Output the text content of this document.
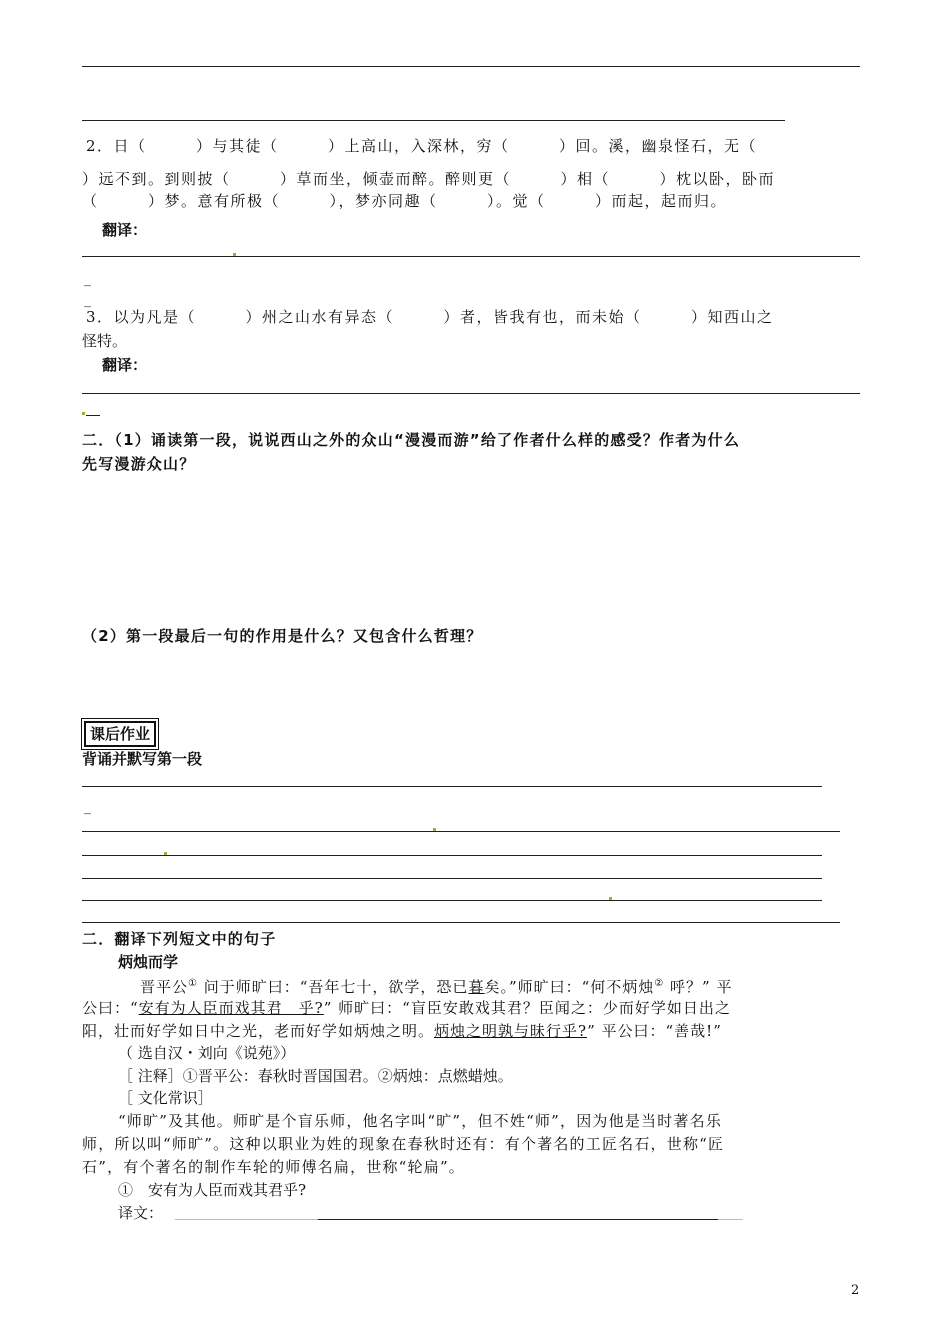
2．日（　　　）与其徒（　　　）上高山，入深林，穷（　　　）回。溪，幽泉怪石，无（
）远不到。到则披（　　　）草而坐，倾壶而醉。醉则更（　　　）相（　　　）枕以卧，卧而
（　　　）梦。意有所极（　　　），梦亦同趣（　　　）。觉（　　　）而起，起而归。
翻译：
_
_
3．以为凡是（　　　）州之山水有异态（　　　）者，皆我有也，而未始（　　　）知西山之
怪特。
翻译：
二．（1）诵读第一段，说说西山之外的众山“漫漫而游”给了作者什么样的感受？作者为什么
先写漫游众山？
（2）第一段最后一句的作用是什么？又包含什么哲理？
课后作业
背诵并默写第一段
_
二．翻译下列短文中的句子
炳烛而学
晋平公① 问于师旷曰：“吾年七十，欲学，恐已暮矣。”师旷曰：“何不炳烛② 呼？” 平
公曰：“安有为人臣而戏其君　乎?” 师旷曰：“盲臣安敢戏其君？臣闻之：少而好学如日出之
阳，壮而好学如日中之光，老而好学如炳烛之明。炳烛之明孰与昧行乎?” 平公曰：“善哉!”
（ 选自汉・刘向《说苑》）
［ 注释］①晋平公：春秋时晋国国君。②炳烛：点燃蜡烛。
［ 文化常识］
“师旷”及其他。师旷是个盲乐师，他名字叫“旷”，但不姓“师”，因为他是当时著名乐
师，所以叫“师旷”。这种以职业为姓的现象在春秋时还有：有个著名的工匠名石，世称“匠
石”，有个著名的制作车轮的师傅名扁，世称“轮扁”。
①　安有为人臣而戏其君乎?
译文：
2
